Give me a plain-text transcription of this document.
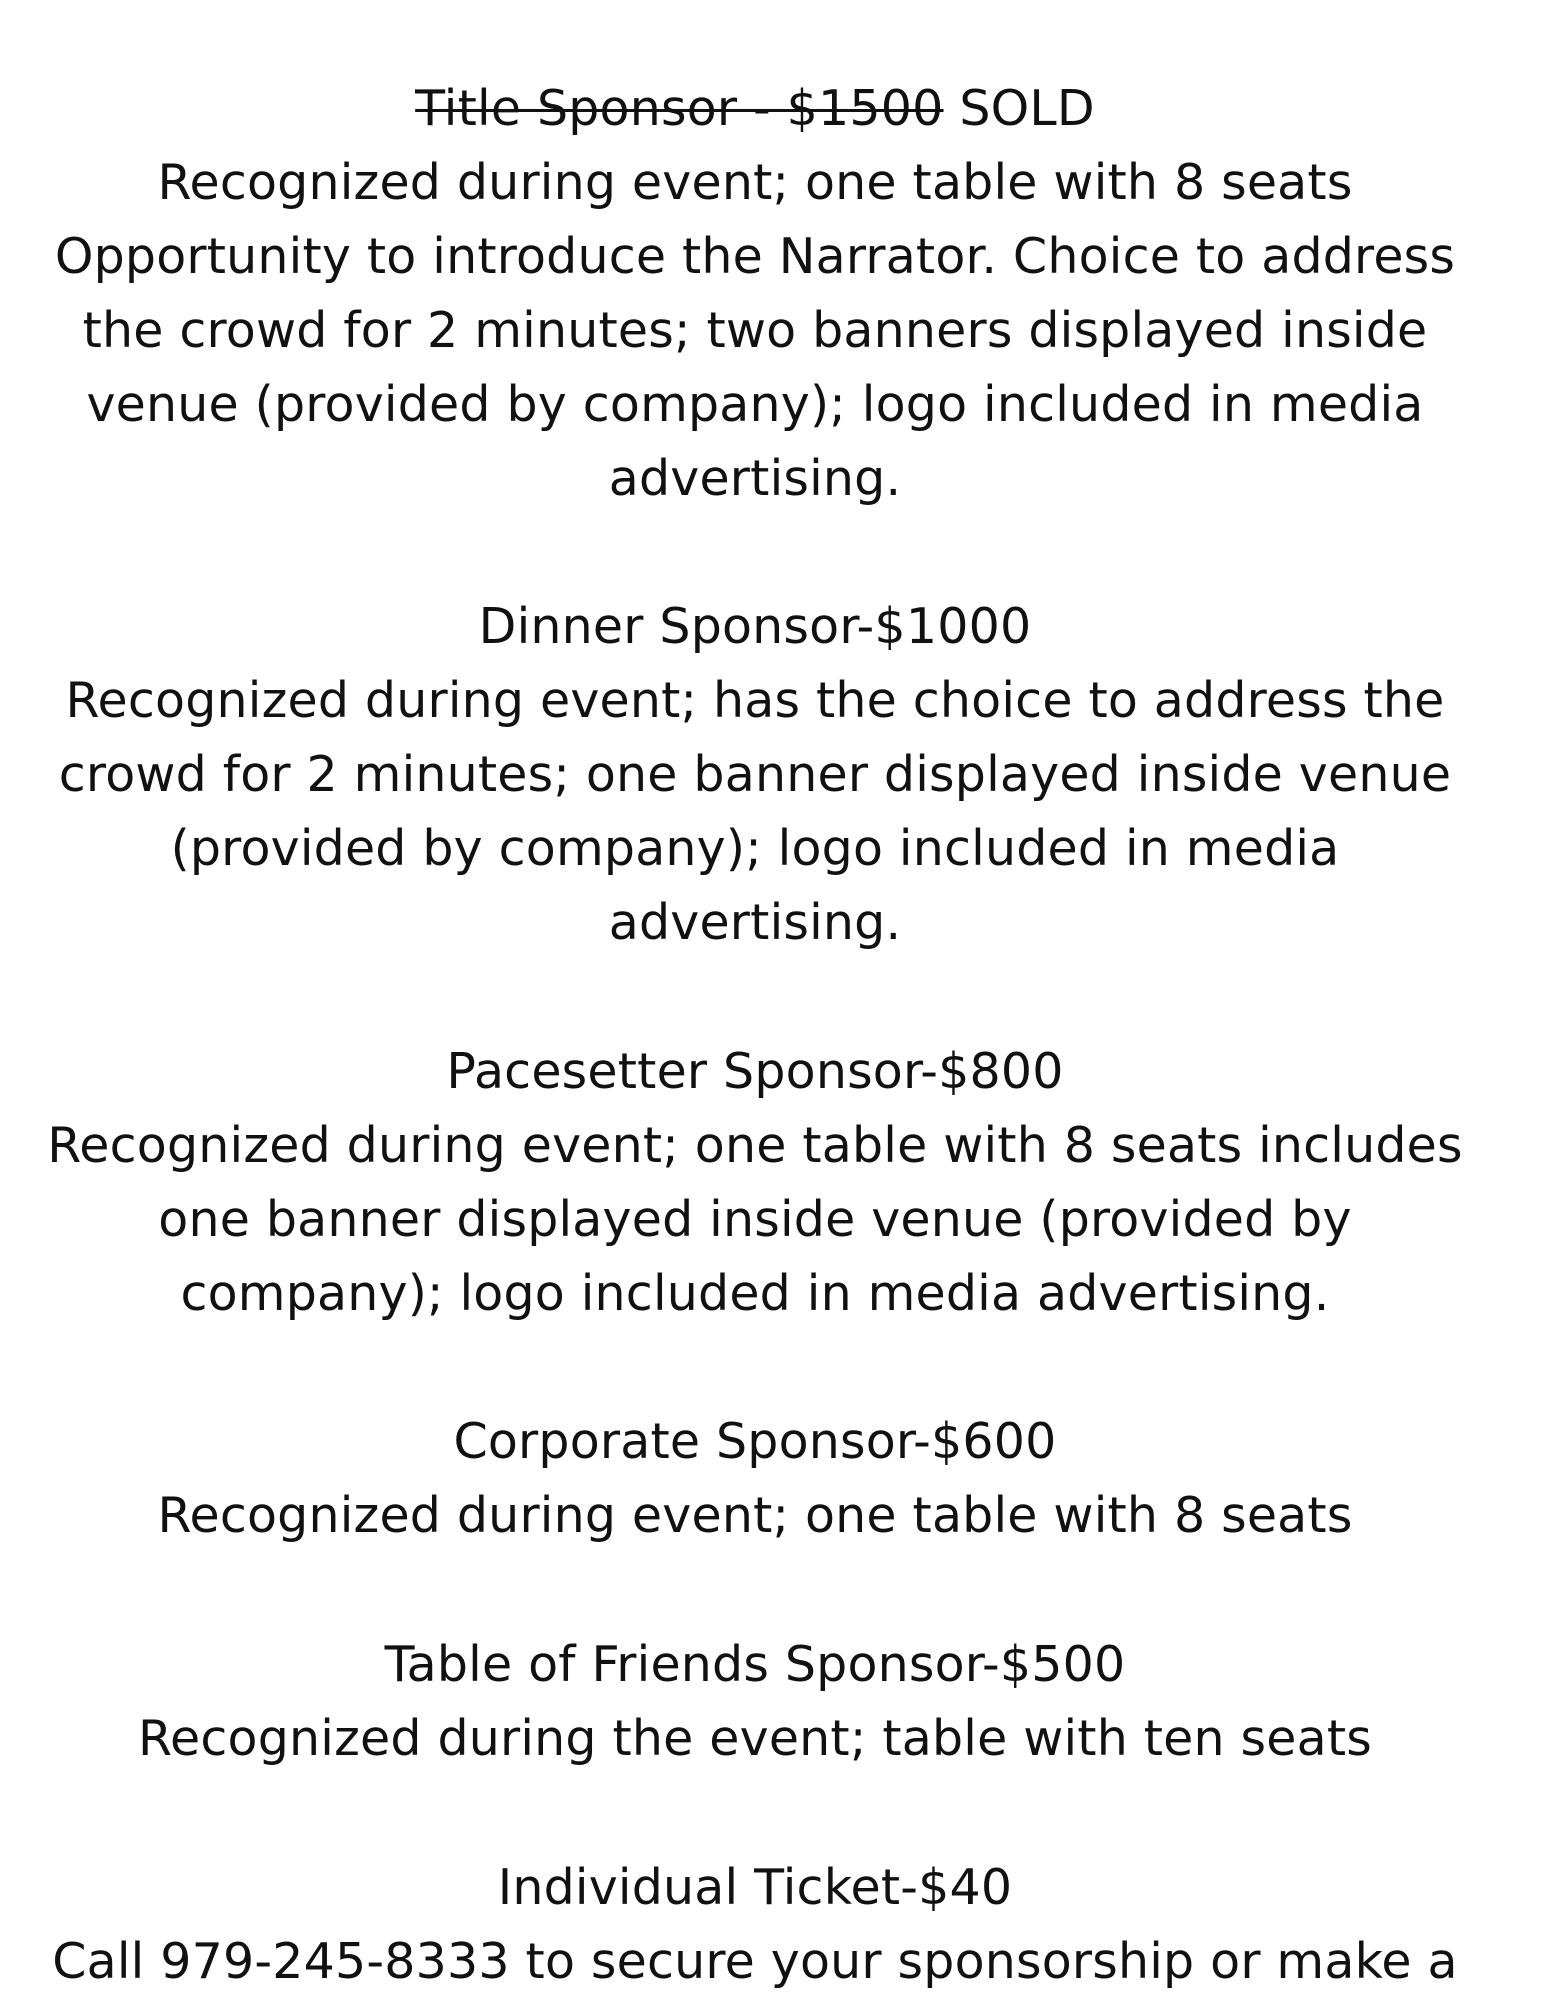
Title Sponsor - $1500 SOLD
Recognized during event; one table with 8 seats
Opportunity to introduce the Narrator. Choice to address
the crowd for 2 minutes; two banners displayed inside
venue (provided by company); logo included in media
advertising.
Dinner Sponsor-$1000
Recognized during event; has the choice to address the
crowd for 2 minutes; one banner displayed inside venue
(provided by company); logo included in media
advertising.
Pacesetter Sponsor-$800
Recognized during event; one table with 8 seats includes
one banner displayed inside venue (provided by
company); logo included in media advertising.
Corporate Sponsor-$600
Recognized during event; one table with 8 seats
Table of Friends Sponsor-$500
Recognized during the event; table with ten seats
Individual Ticket-$40
Call 979-245-8333 to secure your sponsorship or make a
